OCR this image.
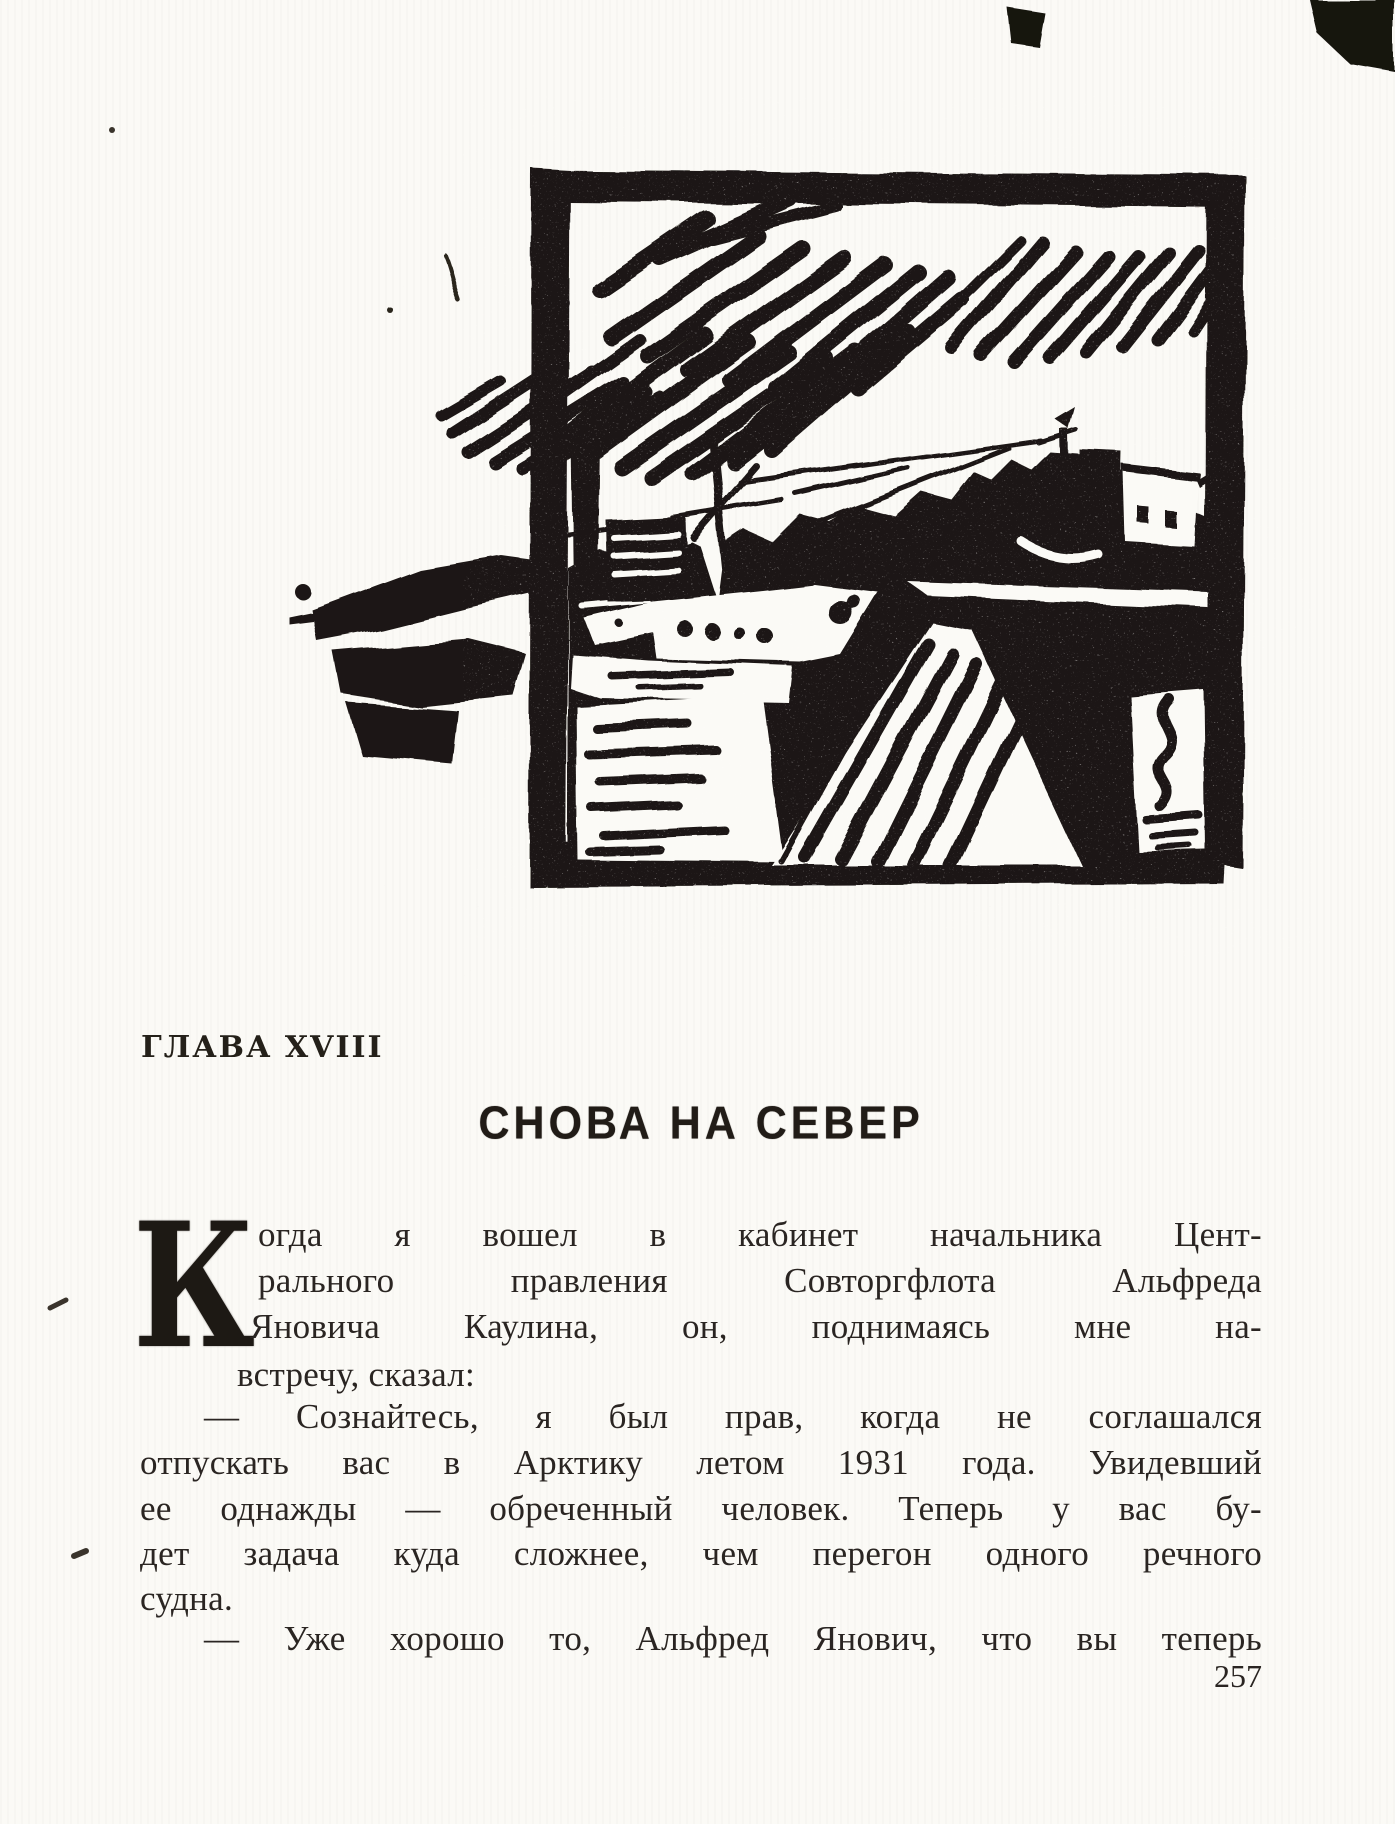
ГЛАВА XVIII
СНОВА НА СЕВЕР
К огда я вошел в кабинет начальника Цент-
рального правления Совторгфлота Альфреда
Яновича Каулина, он, поднимаясь мне на-
встречу, сказал:
— Сознайтесь, я был прав, когда не соглашался
отпускать вас в Арктику летом 1931 года. Увидевший
ее однажды — обреченный человек. Теперь у вас бу-
дет задача куда сложнее, чем перегон одного речного
судна.
— Уже хорошо то, Альфред Янович, что вы теперь
257
